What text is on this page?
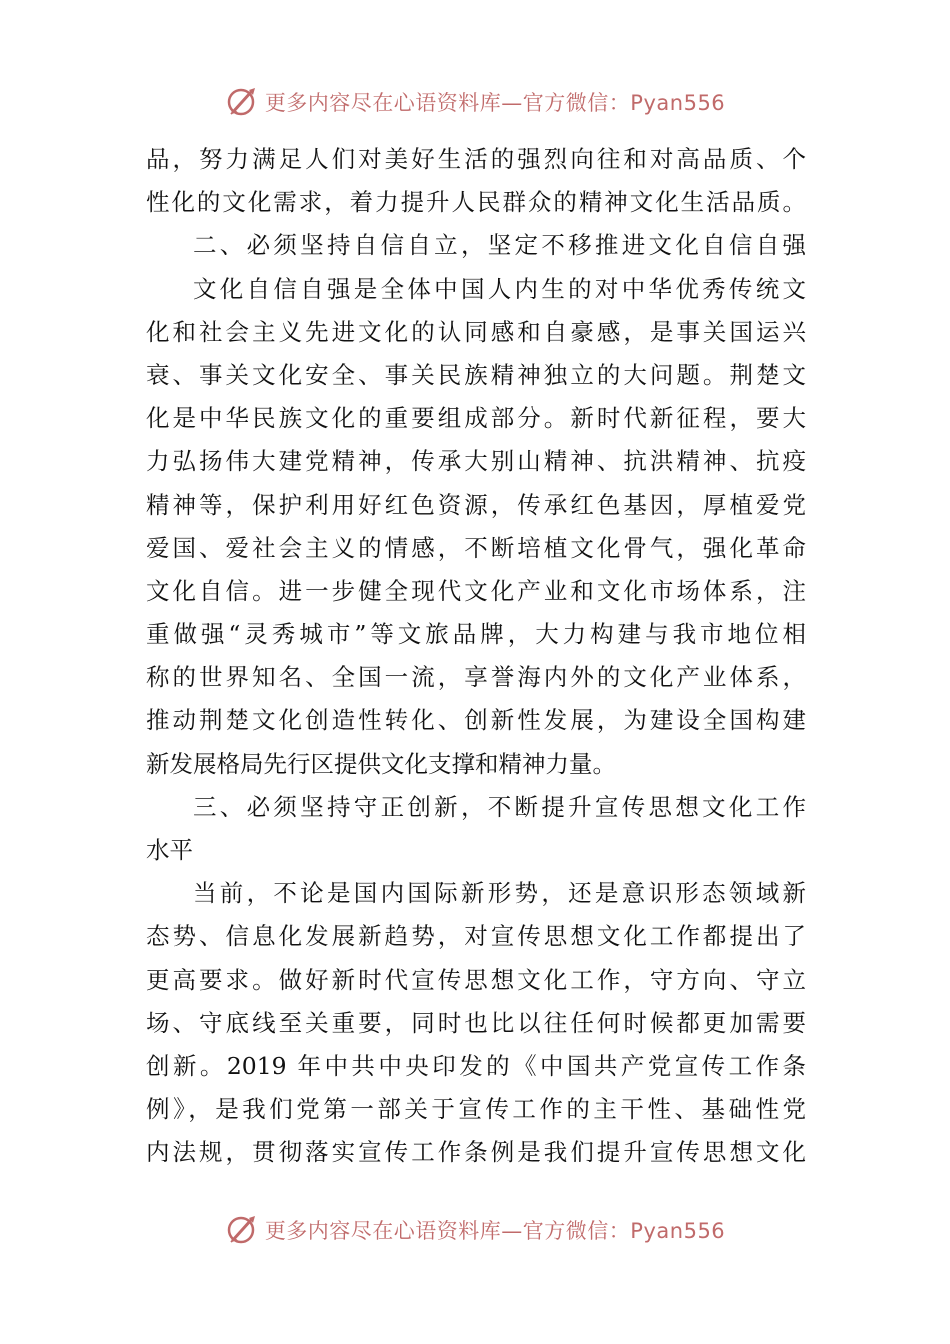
更多内容尽在心语资料库—官方微信：Pyan556
品，努力满足人们对美好生活的强烈向往和对高品质、个
性化的文化需求，着力提升人民群众的精神文化生活品质。
二、必须坚持自信自立，坚定不移推进文化自信自强
文化自信自强是全体中国人内生的对中华优秀传统文
化和社会主义先进文化的认同感和自豪感，是事关国运兴
衰、事关文化安全、事关民族精神独立的大问题。荆楚文
化是中华民族文化的重要组成部分。新时代新征程，要大
力弘扬伟大建党精神，传承大别山精神、抗洪精神、抗疫
精神等，保护利用好红色资源，传承红色基因，厚植爱党
爱国、爱社会主义的情感，不断培植文化骨气，强化革命
文化自信。进一步健全现代文化产业和文化市场体系，注
重做强“灵秀城市”等文旅品牌，大力构建与我市地位相
称的世界知名、全国一流，享誉海内外的文化产业体系，
推动荆楚文化创造性转化、创新性发展，为建设全国构建
新发展格局先行区提供文化支撑和精神力量。
三、必须坚持守正创新，不断提升宣传思想文化工作
水平
当前，不论是国内国际新形势，还是意识形态领域新
态势、信息化发展新趋势，对宣传思想文化工作都提出了
更高要求。做好新时代宣传思想文化工作，守方向、守立
场、守底线至关重要，同时也比以往任何时候都更加需要
创新。2019 年中共中央印发的《中国共产党宣传工作条
例》，是我们党第一部关于宣传工作的主干性、基础性党
内法规，贯彻落实宣传工作条例是我们提升宣传思想文化
更多内容尽在心语资料库—官方微信：Pyan556
